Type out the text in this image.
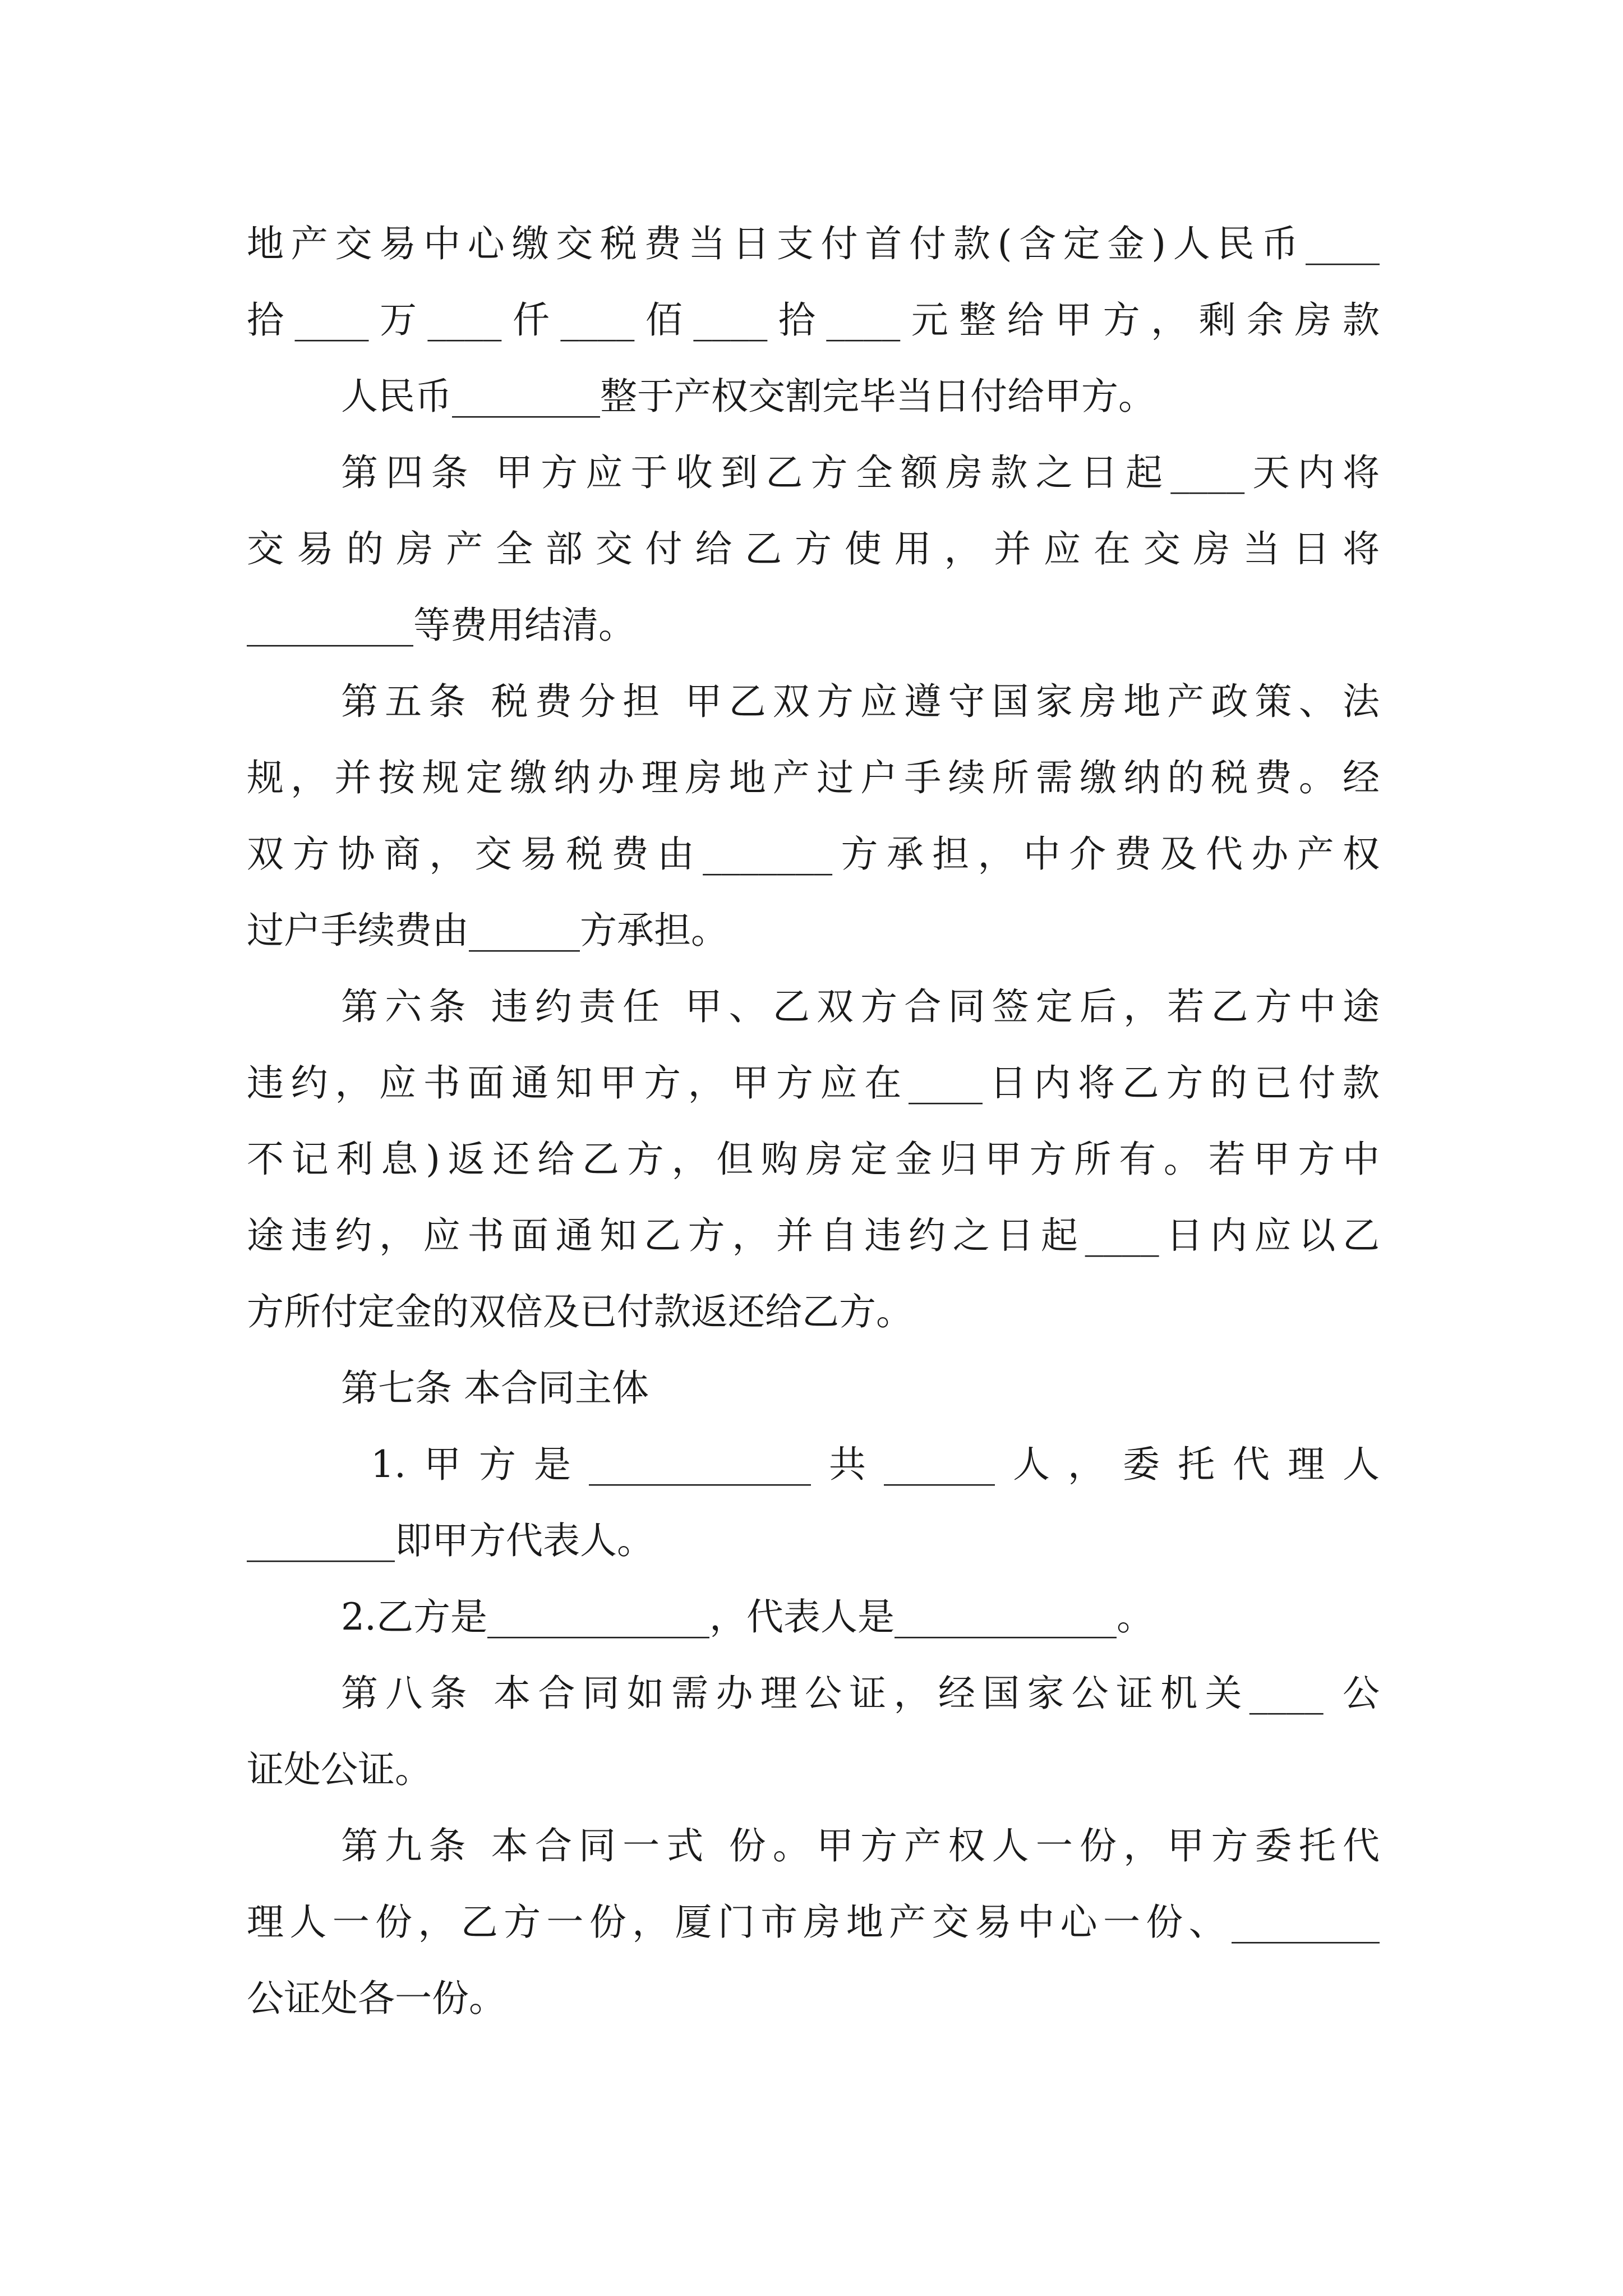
地产交易中心缴交税费当日支付首付款(含定金)人民币____
拾____万____仟____佰____拾____元整给甲方，剩余房款
人民币________整于产权交割完毕当日付给甲方。
第四条 甲方应于收到乙方全额房款之日起____天内将
交易的房产全部交付给乙方使用，并应在交房当日将
_________等费用结清。
第五条 税费分担 甲乙双方应遵守国家房地产政策、法
规，并按规定缴纳办理房地产过户手续所需缴纳的税费。经
双方协商，交易税费由_______方承担，中介费及代办产权
过户手续费由______方承担。
第六条 违约责任 甲、乙双方合同签定后，若乙方中途
违约，应书面通知甲方，甲方应在____日内将乙方的已付款
不记利息)返还给乙方，但购房定金归甲方所有。若甲方中
途违约，应书面通知乙方，并自违约之日起____日内应以乙
方所付定金的双倍及已付款返还给乙方。
第七条 本合同主体
1.甲方是____________共______人，委托代理人
________即甲方代表人。
2.乙方是____________，代表人是____________。
第八条 本合同如需办理公证，经国家公证机关____ 公
证处公证。
第九条 本合同一式 份。甲方产权人一份，甲方委托代
理人一份，乙方一份，厦门市房地产交易中心一份、________
公证处各一份。
